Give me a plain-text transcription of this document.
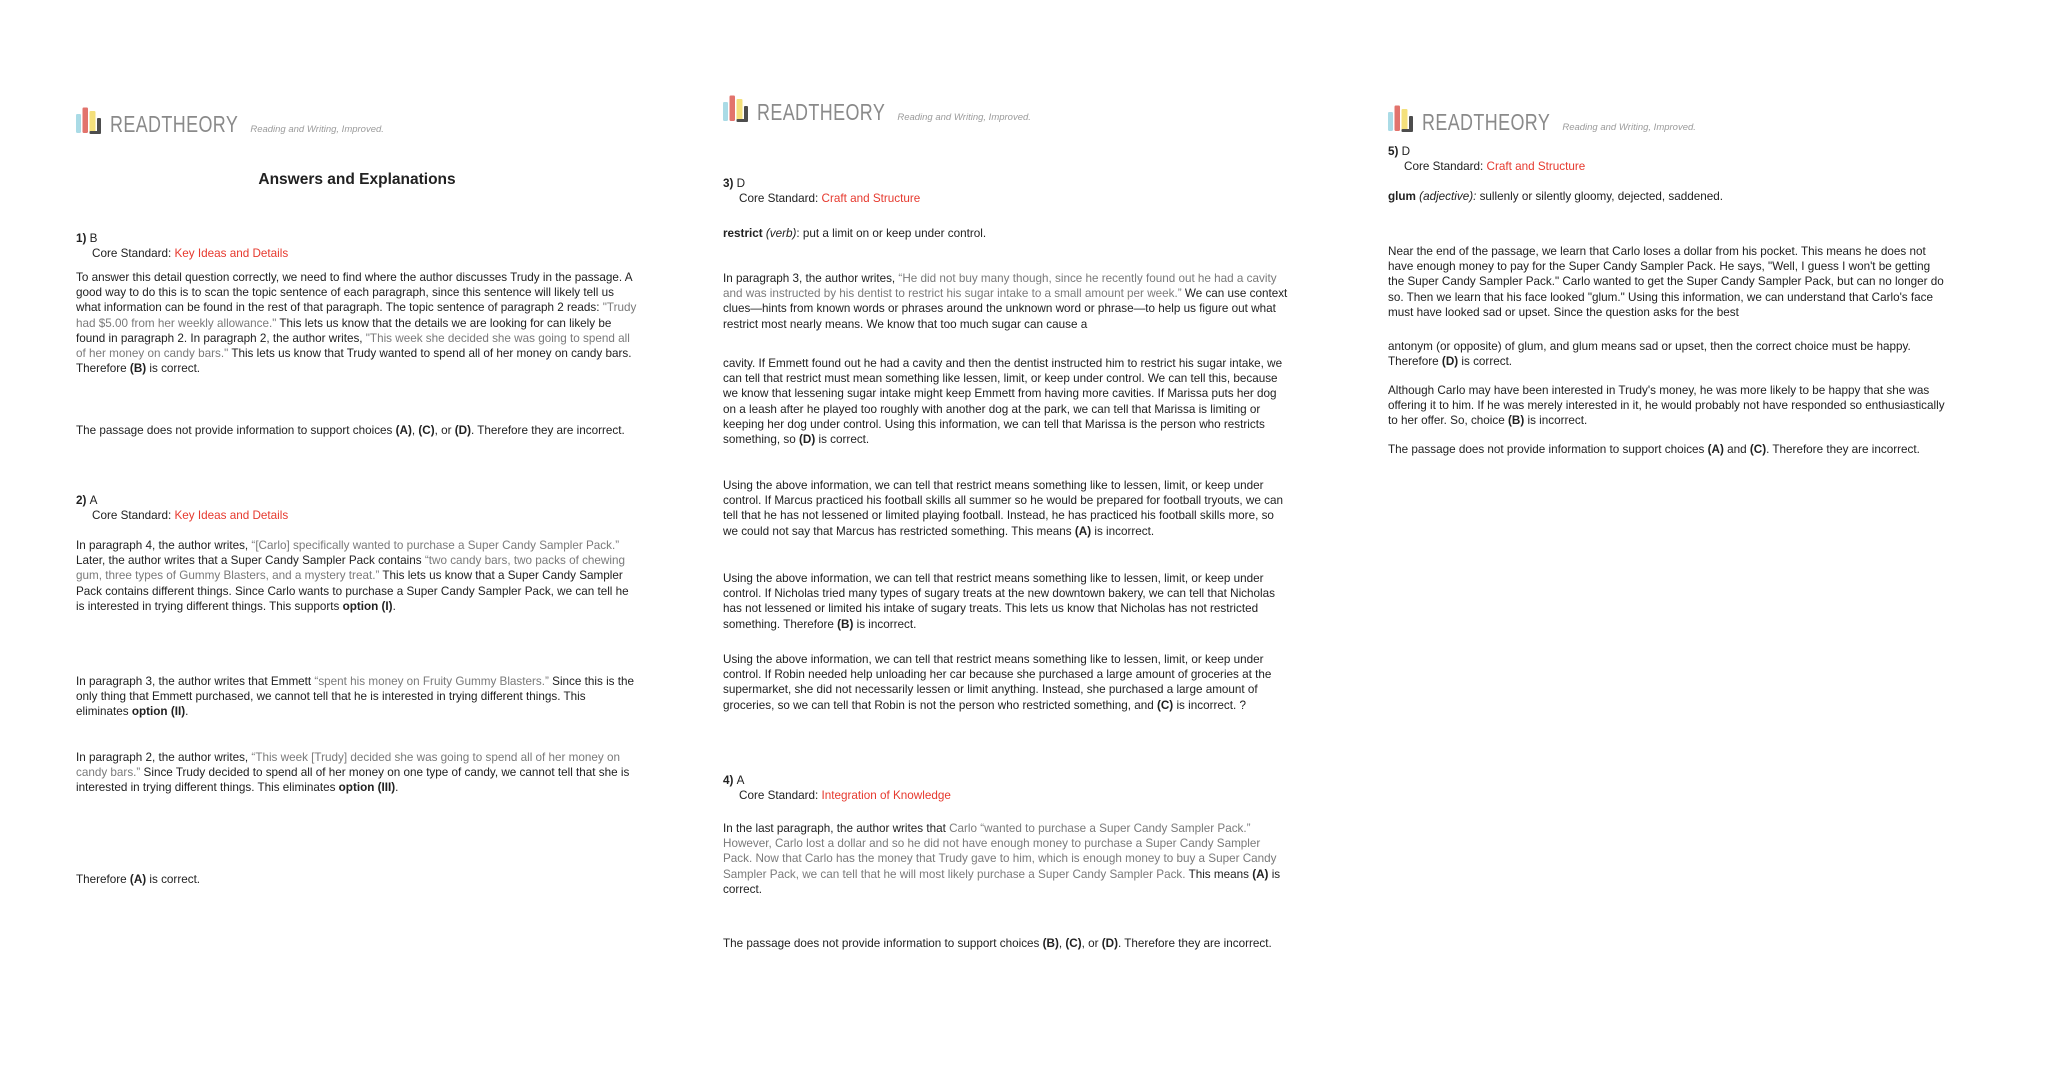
READTHEORY Reading and Writing, Improved.
Answers and Explanations
1) B
Core Standard: Key Ideas and Details

To answer this detail question correctly, we need to find where the author discusses Trudy in the passage. A good way to do this is to scan the topic sentence of each paragraph, since this sentence will likely tell us what information can be found in the rest of that paragraph. The topic sentence of paragraph 2 reads: "Trudy had $5.00 from her weekly allowance." This lets us know that the details we are looking for can likely be found in paragraph 2. In paragraph 2, the author writes, "This week she decided she was going to spend all of her money on candy bars." This lets us know that Trudy wanted to spend all of her money on candy bars. Therefore (B) is correct.

The passage does not provide information to support choices (A), (C), or (D). Therefore they are incorrect.

2) A
Core Standard: Key Ideas and Details

In paragraph 4, the author writes, “[Carlo] specifically wanted to purchase a Super Candy Sampler Pack.” Later, the author writes that a Super Candy Sampler Pack contains “two candy bars, two packs of chewing gum, three types of Gummy Blasters, and a mystery treat.” This lets us know that a Super Candy Sampler Pack contains different things. Since Carlo wants to purchase a Super Candy Sampler Pack, we can tell he is interested in trying different things. This supports option (I).

In paragraph 3, the author writes that Emmett “spent his money on Fruity Gummy Blasters.” Since this is the only thing that Emmett purchased, we cannot tell that he is interested in trying different things. This eliminates option (II).

In paragraph 2, the author writes, “This week [Trudy] decided she was going to spend all of her money on candy bars.” Since Trudy decided to spend all of her money on one type of candy, we cannot tell that she is interested in trying different things. This eliminates option (III).

Therefore (A) is correct.

READTHEORY Reading and Writing, Improved.
3) D
Core Standard: Craft and Structure

restrict (verb): put a limit on or keep under control.

In paragraph 3, the author writes, “He did not buy many though, since he recently found out he had a cavity and was instructed by his dentist to restrict his sugar intake to a small amount per week.” We can use context clues—hints from known words or phrases around the unknown word or phrase—to help us figure out what restrict most nearly means. We know that too much sugar can cause a

cavity. If Emmett found out he had a cavity and then the dentist instructed him to restrict his sugar intake, we can tell that restrict must mean something like lessen, limit, or keep under control. We can tell this, because we know that lessening sugar intake might keep Emmett from having more cavities. If Marissa puts her dog on a leash after he played too roughly with another dog at the park, we can tell that Marissa is limiting or keeping her dog under control. Using this information, we can tell that Marissa is the person who restricts something, so (D) is correct.

Using the above information, we can tell that restrict means something like to lessen, limit, or keep under control. If Marcus practiced his football skills all summer so he would be prepared for football tryouts, we can tell that he has not lessened or limited playing football. Instead, he has practiced his football skills more, so we could not say that Marcus has restricted something. This means (A) is incorrect.

Using the above information, we can tell that restrict means something like to lessen, limit, or keep under control. If Nicholas tried many types of sugary treats at the new downtown bakery, we can tell that Nicholas has not lessened or limited his intake of sugary treats. This lets us know that Nicholas has not restricted something. Therefore (B) is incorrect.

Using the above information, we can tell that restrict means something like to lessen, limit, or keep under control. If Robin needed help unloading her car because she purchased a large amount of groceries at the supermarket, she did not necessarily lessen or limit anything. Instead, she purchased a large amount of groceries, so we can tell that Robin is not the person who restricted something, and (C) is incorrect. ?

4) A
Core Standard: Integration of Knowledge

In the last paragraph, the author writes that Carlo “wanted to purchase a Super Candy Sampler Pack.” However, Carlo lost a dollar and so he did not have enough money to purchase a Super Candy Sampler Pack. Now that Carlo has the money that Trudy gave to him, which is enough money to buy a Super Candy Sampler Pack, we can tell that he will most likely purchase a Super Candy Sampler Pack. This means (A) is correct.

The passage does not provide information to support choices (B), (C), or (D). Therefore they are incorrect.

READTHEORY Reading and Writing, Improved.
5) D
Core Standard: Craft and Structure

glum (adjective): sullenly or silently gloomy, dejected, saddened.

Near the end of the passage, we learn that Carlo loses a dollar from his pocket. This means he does not have enough money to pay for the Super Candy Sampler Pack. He says, "Well, I guess I won't be getting the Super Candy Sampler Pack." Carlo wanted to get the Super Candy Sampler Pack, but can no longer do so. Then we learn that his face looked "glum." Using this information, we can understand that Carlo's face must have looked sad or upset. Since the question asks for the best

antonym (or opposite) of glum, and glum means sad or upset, then the correct choice must be happy. Therefore (D) is correct.

Although Carlo may have been interested in Trudy's money, he was more likely to be happy that she was offering it to him. If he was merely interested in it, he would probably not have responded so enthusiastically to her offer. So, choice (B) is incorrect.

The passage does not provide information to support choices (A) and (C). Therefore they are incorrect.
